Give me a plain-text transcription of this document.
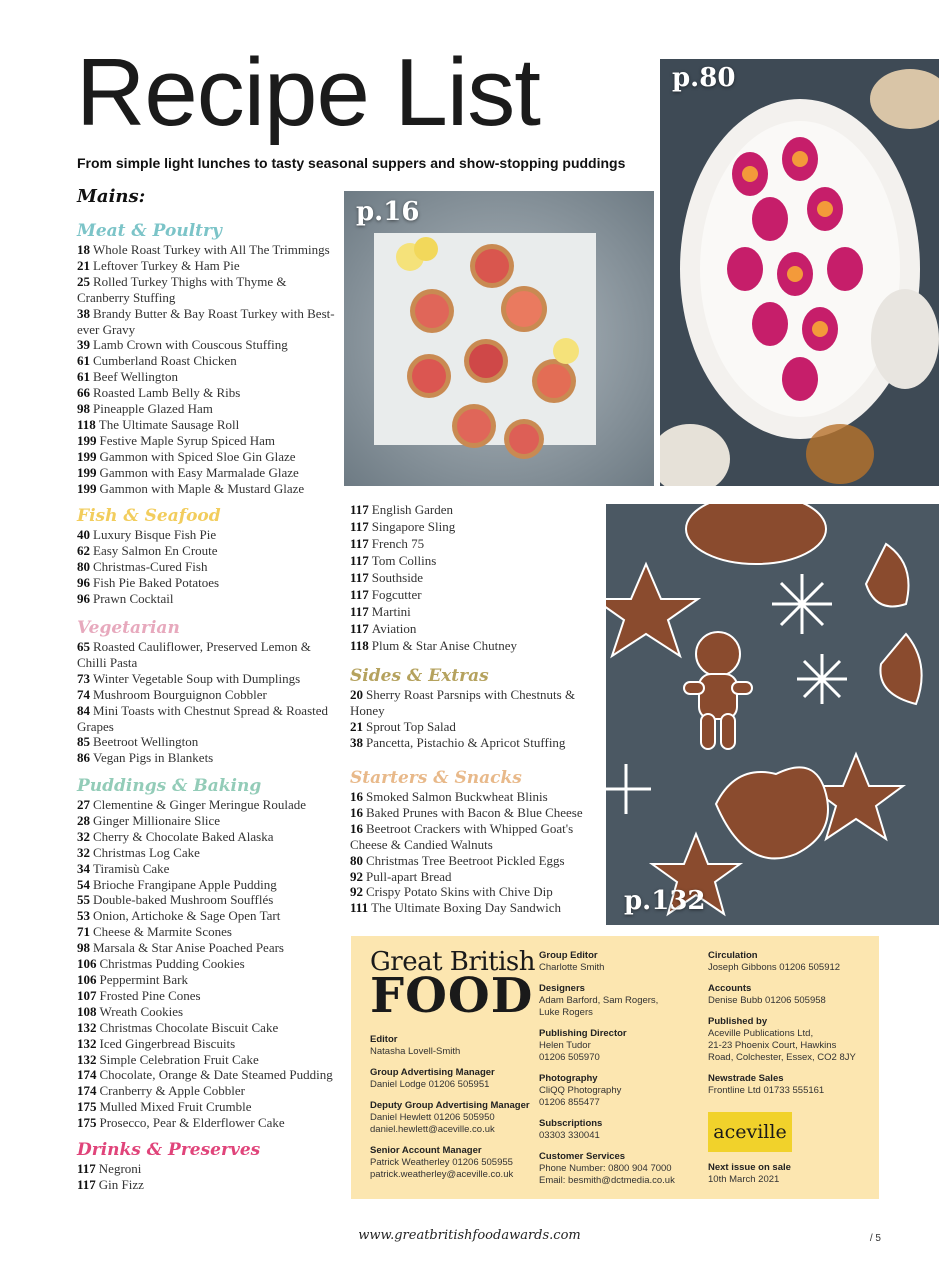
Recipe List

From simple light lunches to tasty seasonal suppers and show-stopping puddings

Mains:
Meat & Poultry
18 Whole Roast Turkey with All The Trimmings
21 Leftover Turkey & Ham Pie
25 Rolled Turkey Thighs with Thyme & Cranberry Stuffing
38 Brandy Butter & Bay Roast Turkey with Best-ever Gravy
39 Lamb Crown with Couscous Stuffing
61 Cumberland Roast Chicken
61 Beef Wellington
66 Roasted Lamb Belly & Ribs
98 Pineapple Glazed Ham
118 The Ultimate Sausage Roll
199 Festive Maple Syrup Spiced Ham
199 Gammon with Spiced Sloe Gin Glaze
199 Gammon with Easy Marmalade Glaze
199 Gammon with Maple & Mustard Glaze
Fish & Seafood
40 Luxury Bisque Fish Pie
62 Easy Salmon En Croute
80 Christmas-Cured Fish
96 Fish Pie Baked Potatoes
96 Prawn Cocktail
Vegetarian
65 Roasted Cauliflower, Preserved Lemon & Chilli Pasta
73 Winter Vegetable Soup with Dumplings
74 Mushroom Bourguignon Cobbler
84 Mini Toasts with Chestnut Spread & Roasted Grapes
85 Beetroot Wellington
86 Vegan Pigs in Blankets
Puddings & Baking
27 Clementine & Ginger Meringue Roulade
28 Ginger Millionaire Slice
32 Cherry & Chocolate Baked Alaska
32 Christmas Log Cake
34 Tiramisù Cake
54 Brioche Frangipane Apple Pudding
55 Double-baked Mushroom Soufflés
53 Onion, Artichoke & Sage Open Tart
71 Cheese & Marmite Scones
98 Marsala & Star Anise Poached Pears
106 Christmas Pudding Cookies
106 Peppermint Bark
107 Frosted Pine Cones
108 Wreath Cookies
132 Christmas Chocolate Biscuit Cake
132 Iced Gingerbread Biscuits
132 Simple Celebration Fruit Cake
174 Chocolate, Orange & Date Steamed Pudding
174 Cranberry & Apple Cobbler
175 Mulled Mixed Fruit Crumble
175 Prosecco, Pear & Elderflower Cake
Drinks & Preserves
117 Negroni
117 Gin Fizz
117 English Garden
117 Singapore Sling
117 French 75
117 Tom Collins
117 Southside
117 Fogcutter
117 Martini
117 Aviation
118 Plum & Star Anise Chutney
Sides & Extras
20 Sherry Roast Parsnips with Chestnuts & Honey
21 Sprout Top Salad
38 Pancetta, Pistachio & Apricot Stuffing
Starters & Snacks
16 Smoked Salmon Buckwheat Blinis
16 Baked Prunes with Bacon & Blue Cheese
16 Beetroot Crackers with Whipped Goat's Cheese & Candied Walnuts
80 Christmas Tree Beetroot Pickled Eggs
92 Pull-apart Bread
92 Crispy Potato Skins with Chive Dip
111 The Ultimate Boxing Day Sandwich
p.16
p.80
p.132
Great British
FOOD
Editor
Natasha Lovell-Smith
Group Advertising Manager
Daniel Lodge 01206 505951
Deputy Group Advertising Manager
Daniel Hewlett 01206 505950
daniel.hewlett@aceville.co.uk
Senior Account Manager
Patrick Weatherley 01206 505955
patrick.weatherley@aceville.co.uk
Group Editor
Charlotte Smith
Designers
Adam Barford, Sam Rogers,
Luke Rogers
Publishing Director
Helen Tudor
01206 505970
Photography
CliQQ Photography
01206 855477
Subscriptions
03303 330041
Customer Services
Phone Number: 0800 904 7000
Email: besmith@dctmedia.co.uk
Circulation
Joseph Gibbons 01206 505912
Accounts
Denise Bubb 01206 505958
Published by
Aceville Publications Ltd,
21-23 Phoenix Court, Hawkins
Road, Colchester, Essex, CO2 8JY
Newstrade Sales
Frontline Ltd 01733 555161
aceville
Next issue on sale
10th March 2021
www.greatbritishfoodawards.com	/ 5
